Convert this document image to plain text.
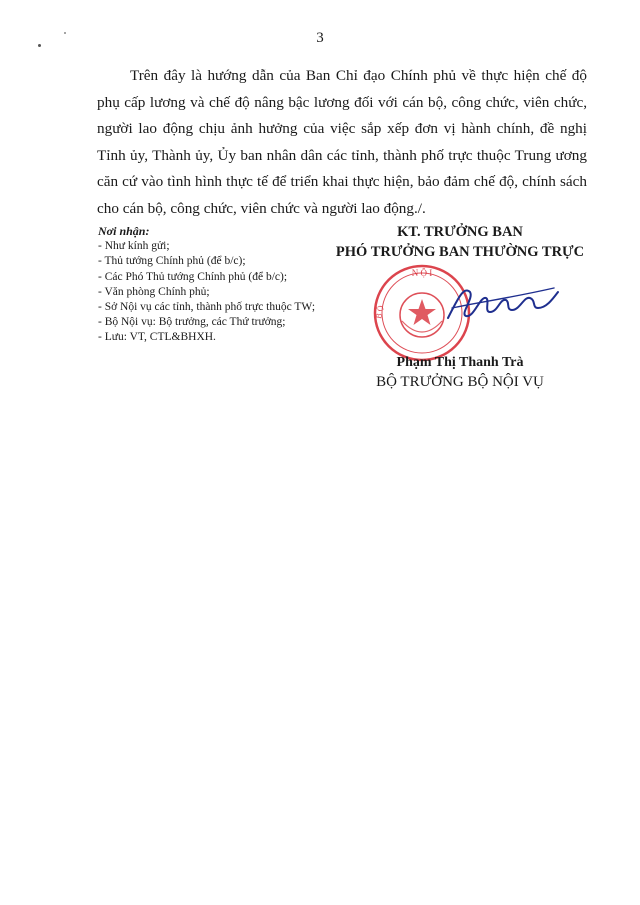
3

Trên đây là hướng dẫn của Ban Chỉ đạo Chính phủ về thực hiện chế độ phụ cấp lương và chế độ nâng bậc lương đối với cán bộ, công chức, viên chức, người lao động chịu ảnh hưởng của việc sắp xếp đơn vị hành chính, đề nghị Tỉnh ủy, Thành ủy, Ủy ban nhân dân các tỉnh, thành phố trực thuộc Trung ương căn cứ vào tình hình thực tế để triển khai thực hiện, bảo đảm chế độ, chính sách cho cán bộ, công chức, viên chức và người lao động./.

Nơi nhận:
- Như kính gửi;
- Thủ tướng Chính phủ (để b/c);
- Các Phó Thủ tướng Chính phủ (để b/c);
- Văn phòng Chính phủ;
- Sở Nội vụ các tỉnh, thành phố trực thuộc TW;
- Bộ Nội vụ: Bộ trưởng, các Thứ trưởng;
- Lưu: VT, CTL&BHXH.
KT. TRƯỞNG BAN
PHÓ TRƯỞNG BAN THƯỜNG TRỰC
N Ộ I
B Ộ
Phạm Thị Thanh Trà
BỘ TRƯỞNG BỘ NỘI VỤ
